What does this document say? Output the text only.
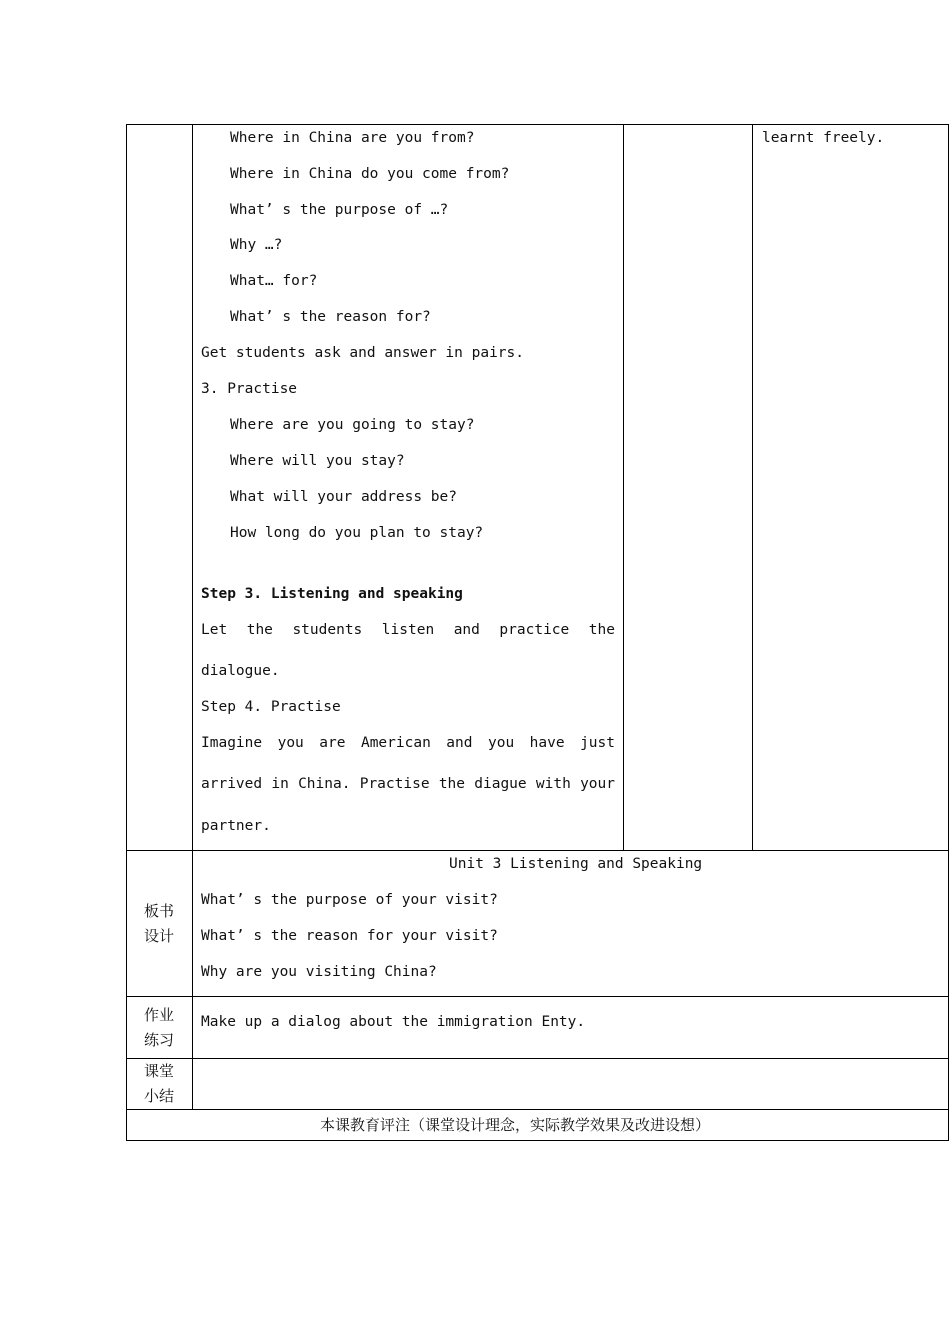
Where in China are you from?
Where in China do you come from?
What’ s the purpose of …?
Why …?
What… for?
What’ s the reason for?
Get students ask and answer in pairs.
3. Practise
Where are you going to stay?
Where will you stay?
What will your address be?
How long do you plan to stay?
Step 3. Listening and speaking
Let the students listen and practice the
dialogue.
Step 4. Practise
Imagine you are American and you have just
arrived in China. Practise the diague with your
partner.
learnt freely.
板书
设计
Unit 3 Listening and Speaking
What’ s the purpose of your visit?
What’ s the reason for your visit?
Why are you visiting China?
作业
练习
Make up a dialog about the immigration Enty.
课堂
小结
本课教育评注（课堂设计理念，实际教学效果及改进设想）
